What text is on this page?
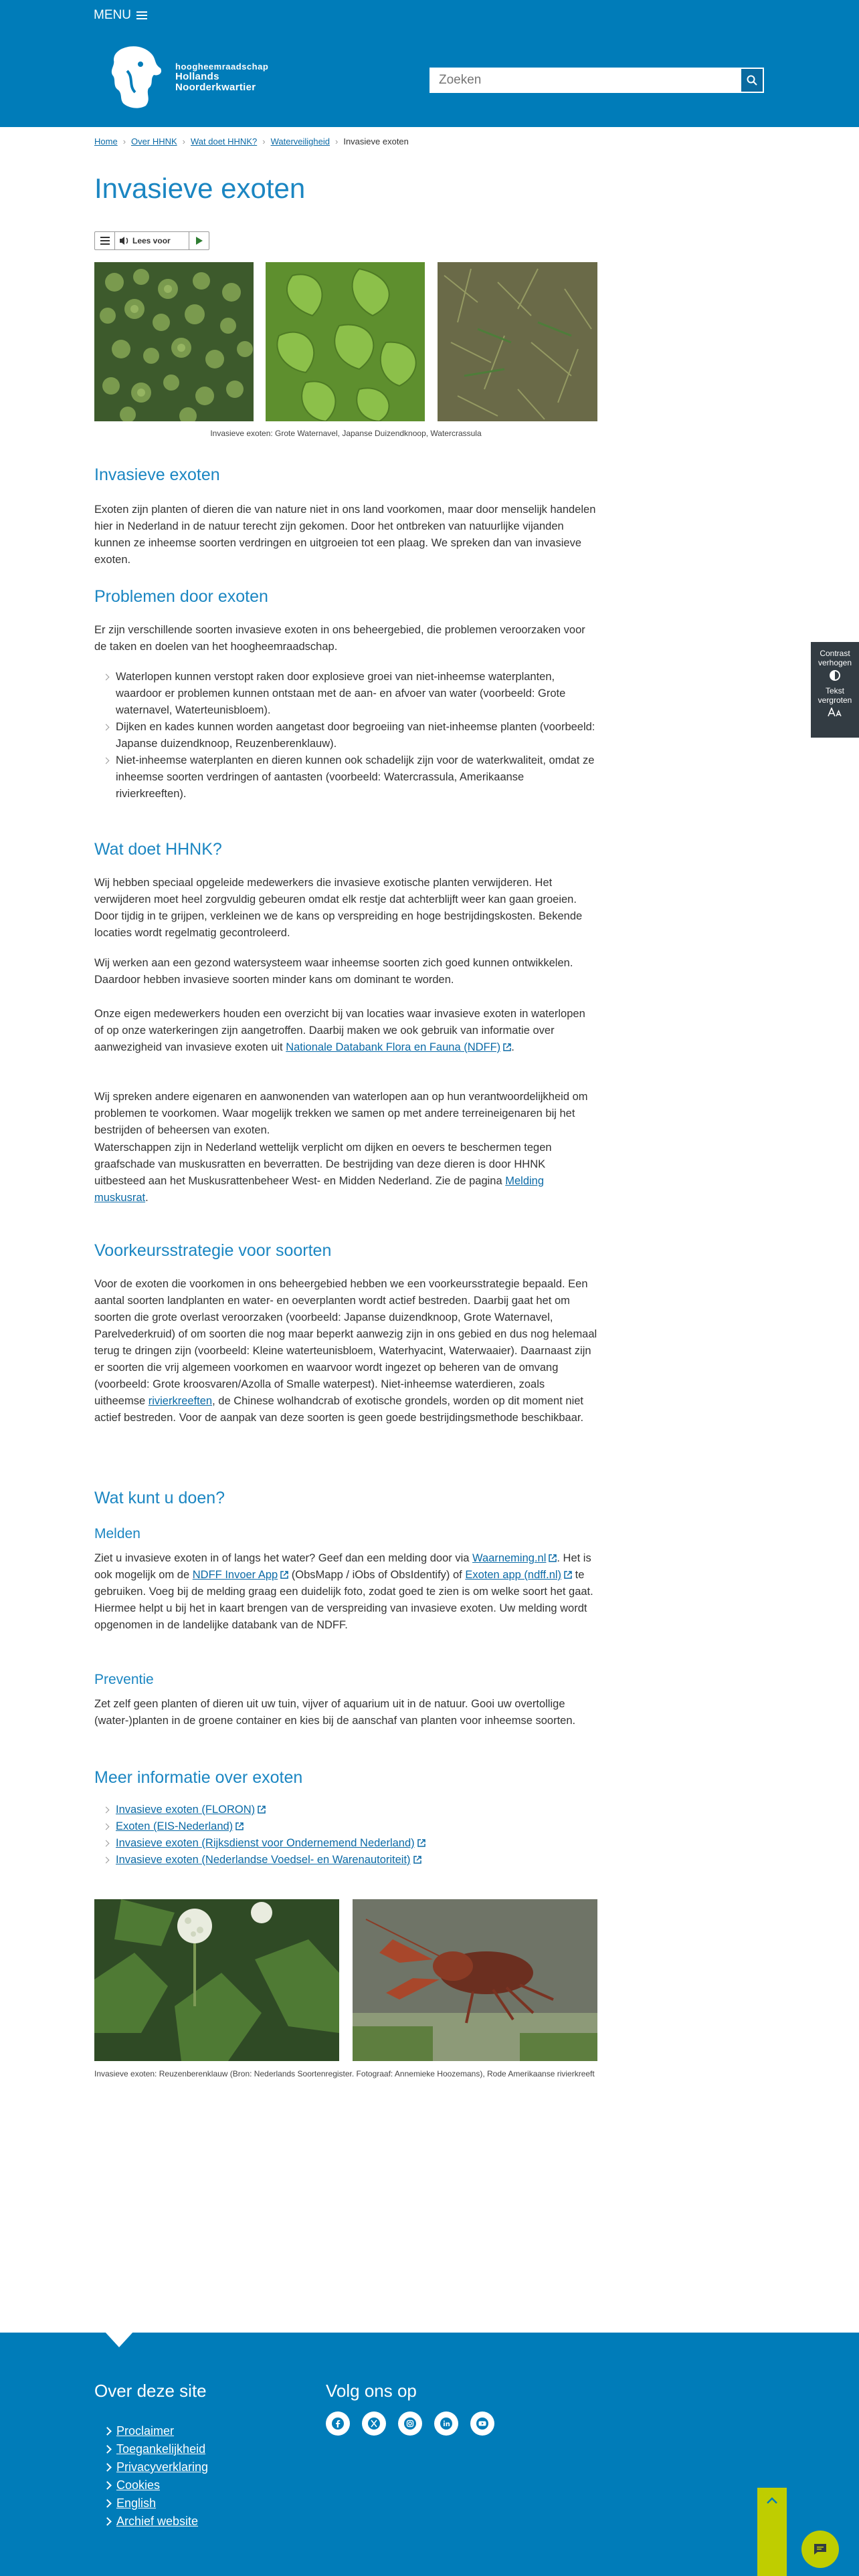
MENU
hoogheemraadschap
Hollands
Noorderkwartier
Zoeken
Home › Over HHNK › Wat doet HHNK? › Waterveiligheid › Invasieve exoten
Invasieve exoten
Lees voor
Invasieve exoten: Grote Waternavel, Japanse Duizendknoop, Watercrassula
Invasieve exoten

Exoten zijn planten of dieren die van nature niet in ons land voorkomen, maar door menselijk handelen hier in Nederland in de natuur terecht zijn gekomen. Door het ontbreken van natuurlijke vijanden kunnen ze inheemse soorten verdringen en uitgroeien tot een plaag. We spreken dan van invasieve exoten.

Problemen door exoten

Er zijn verschillende soorten invasieve exoten in ons beheergebied, die problemen veroorzaken voor de taken en doelen van het hoogheemraadschap.

Waterlopen kunnen verstopt raken door explosieve groei van niet-inheemse waterplanten, waardoor er problemen kunnen ontstaan met de aan- en afvoer van water (voorbeeld: Grote waternavel, Waterteunisbloem).
Dijken en kades kunnen worden aangetast door begroeiing van niet-inheemse planten (voorbeeld: Japanse duizendknoop, Reuzenberenklauw).
Niet-inheemse waterplanten en dieren kunnen ook schadelijk zijn voor de waterkwaliteit, omdat ze inheemse soorten verdringen of aantasten (voorbeeld: Watercrassula, Amerikaanse rivierkreeften).
Wat doet HHNK?

Wij hebben speciaal opgeleide medewerkers die invasieve exotische planten verwijderen. Het verwijderen moet heel zorgvuldig gebeuren omdat elk restje dat achterblijft weer kan gaan groeien. Door tijdig in te grijpen, verkleinen we de kans op verspreiding en hoge bestrijdingskosten. Bekende locaties wordt regelmatig gecontroleerd.

Wij werken aan een gezond watersysteem waar inheemse soorten zich goed kunnen ontwikkelen. Daardoor hebben invasieve soorten minder kans om dominant te worden.

Onze eigen medewerkers houden een overzicht bij van locaties waar invasieve exoten in waterlopen of op onze waterkeringen zijn aangetroffen. Daarbij maken we ook gebruik van informatie over aanwezigheid van invasieve exoten uit Nationale Databank Flora en Fauna (NDFF) .

Wij spreken andere eigenaren en aanwonenden van waterlopen aan op hun verantwoordelijkheid om problemen te voorkomen. Waar mogelijk trekken we samen op met andere terreineigenaren bij het bestrijden of beheersen van exoten.

Waterschappen zijn in Nederland wettelijk verplicht om dijken en oevers te beschermen tegen graafschade van muskusratten en beverratten. De bestrijding van deze dieren is door HHNK uitbesteed aan het Muskusrattenbeheer West- en Midden Nederland. Zie de pagina Melding muskusrat.

Voorkeursstrategie voor soorten

Voor de exoten die voorkomen in ons beheergebied hebben we een voorkeursstrategie bepaald. Een aantal soorten landplanten en water- en oeverplanten wordt actief bestreden. Daarbij gaat het om soorten die grote overlast veroorzaken (voorbeeld: Japanse duizendknoop, Grote Waternavel, Parelvederkruid) of om soorten die nog maar beperkt aanwezig zijn in ons gebied en dus nog helemaal terug te dringen zijn (voorbeeld: Kleine waterteunisbloem, Waterhyacint, Waterwaaier). Daarnaast zijn er soorten die vrij algemeen voorkomen en waarvoor wordt ingezet op beheren van de omvang (voorbeeld: Grote kroosvaren/Azolla of Smalle waterpest). Niet-inheemse waterdieren, zoals uitheemse rivierkreeften, de Chinese wolhandcrab of exotische grondels, worden op dit moment niet actief bestreden. Voor de aanpak van deze soorten is geen goede bestrijdingsmethode beschikbaar.

Wat kunt u doen?
Melden

Ziet u invasieve exoten in of langs het water? Geef dan een melding door via Waarneming.nl . Het is ook mogelijk om de NDFF Invoer App (ObsMapp / iObs of ObsIdentify) of Exoten app (ndff.nl) te gebruiken. Voeg bij de melding graag een duidelijk foto, zodat goed te zien is om welke soort het gaat. Hiermee helpt u bij het in kaart brengen van de verspreiding van invasieve exoten. Uw melding wordt opgenomen in de landelijke databank van de NDFF.

Preventie

Zet zelf geen planten of dieren uit uw tuin, vijver of aquarium uit in de natuur. Gooi uw overtollige (water-)planten in de groene container en kies bij de aanschaf van planten voor inheemse soorten.

Meer informatie over exoten
Invasieve exoten (FLORON)
Exoten (EIS-Nederland)
Invasieve exoten (Rijksdienst voor Ondernemend Nederland)
Invasieve exoten (Nederlandse Voedsel- en Warenautoriteit)
Invasieve exoten: Reuzenberenklauw (Bron: Nederlands Soortenregister. Fotograaf: Annemieke Hoozemans), Rode Amerikaanse rivierkreeft
Contrast verhogen
Tekst vergroten
Over deze site
Proclaimer
Toegankelijkheid
Privacyverklaring
Cookies
English
Archief website
Volg ons op
